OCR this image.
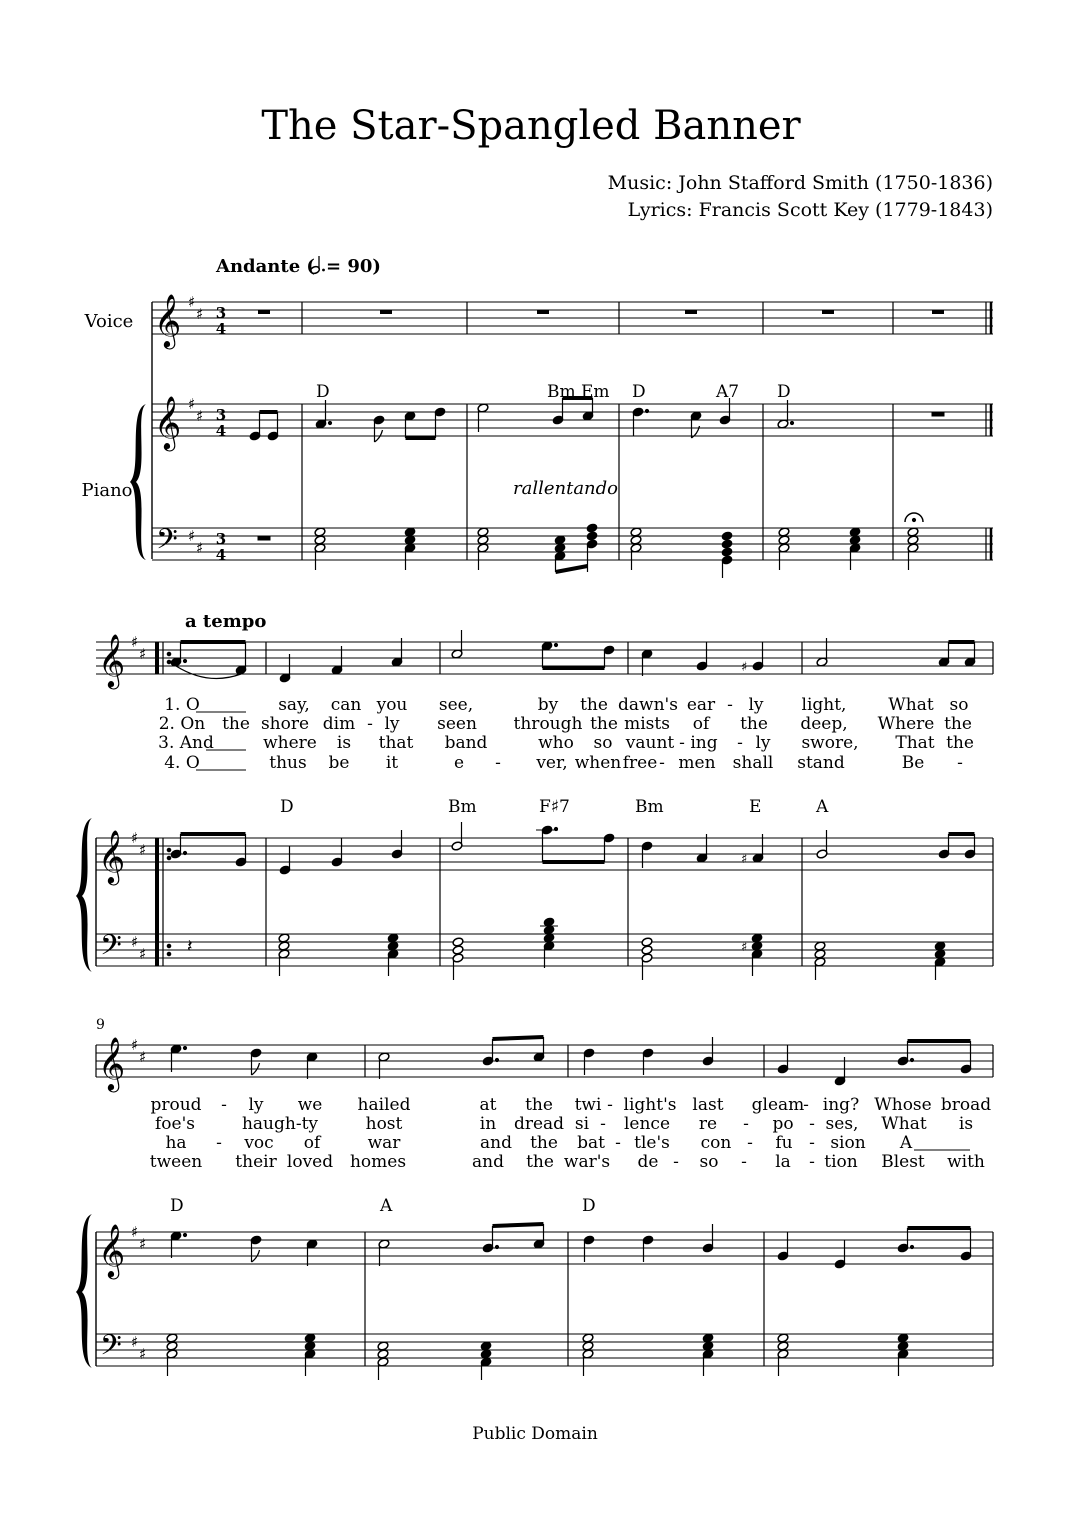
The Star-Spangled Banner
Music: John Stafford Smith (1750-1836)
Lyrics: Francis Scott Key (1779-1843)
Andante ( = 90)
Voice
Piano
𝄞
𝄞
𝄢
♯
♯
♯
♯
♯
♯
3
4
3
4
3
4
D	Bm Em D	A7 D
rallentando
a tempo
𝄞
𝄞
𝄢
♯
♯
♯
♯
♯
♯
♯
1. O	say, can you see,	by the dawn's ear - ly light, What so
2. On the shore dim - ly seen through the mists of the deep, Where the
3. And	where is that band	who so vaunt - ing - ly swore, That the
4. O	thus be it	e - ver, when free - men shall stand	Be -
D	Bm	F♯7	Bm	E	A
♯
𝄽	♯
9
𝄞
𝄞
𝄢
♯
♯
♯
♯
♯
♯
proud - ly we hailed	at the twi - light's last gleam
- ing? Whose broad
foe's	haugh-ty	host	in dread si - lence re - po - ses, What is
ha - voc of	war	and the bat - tle's con - fu - sion A
tween their loved homes	and the war's de - so - la - tion Blest with
D	A	D
Public Domain
